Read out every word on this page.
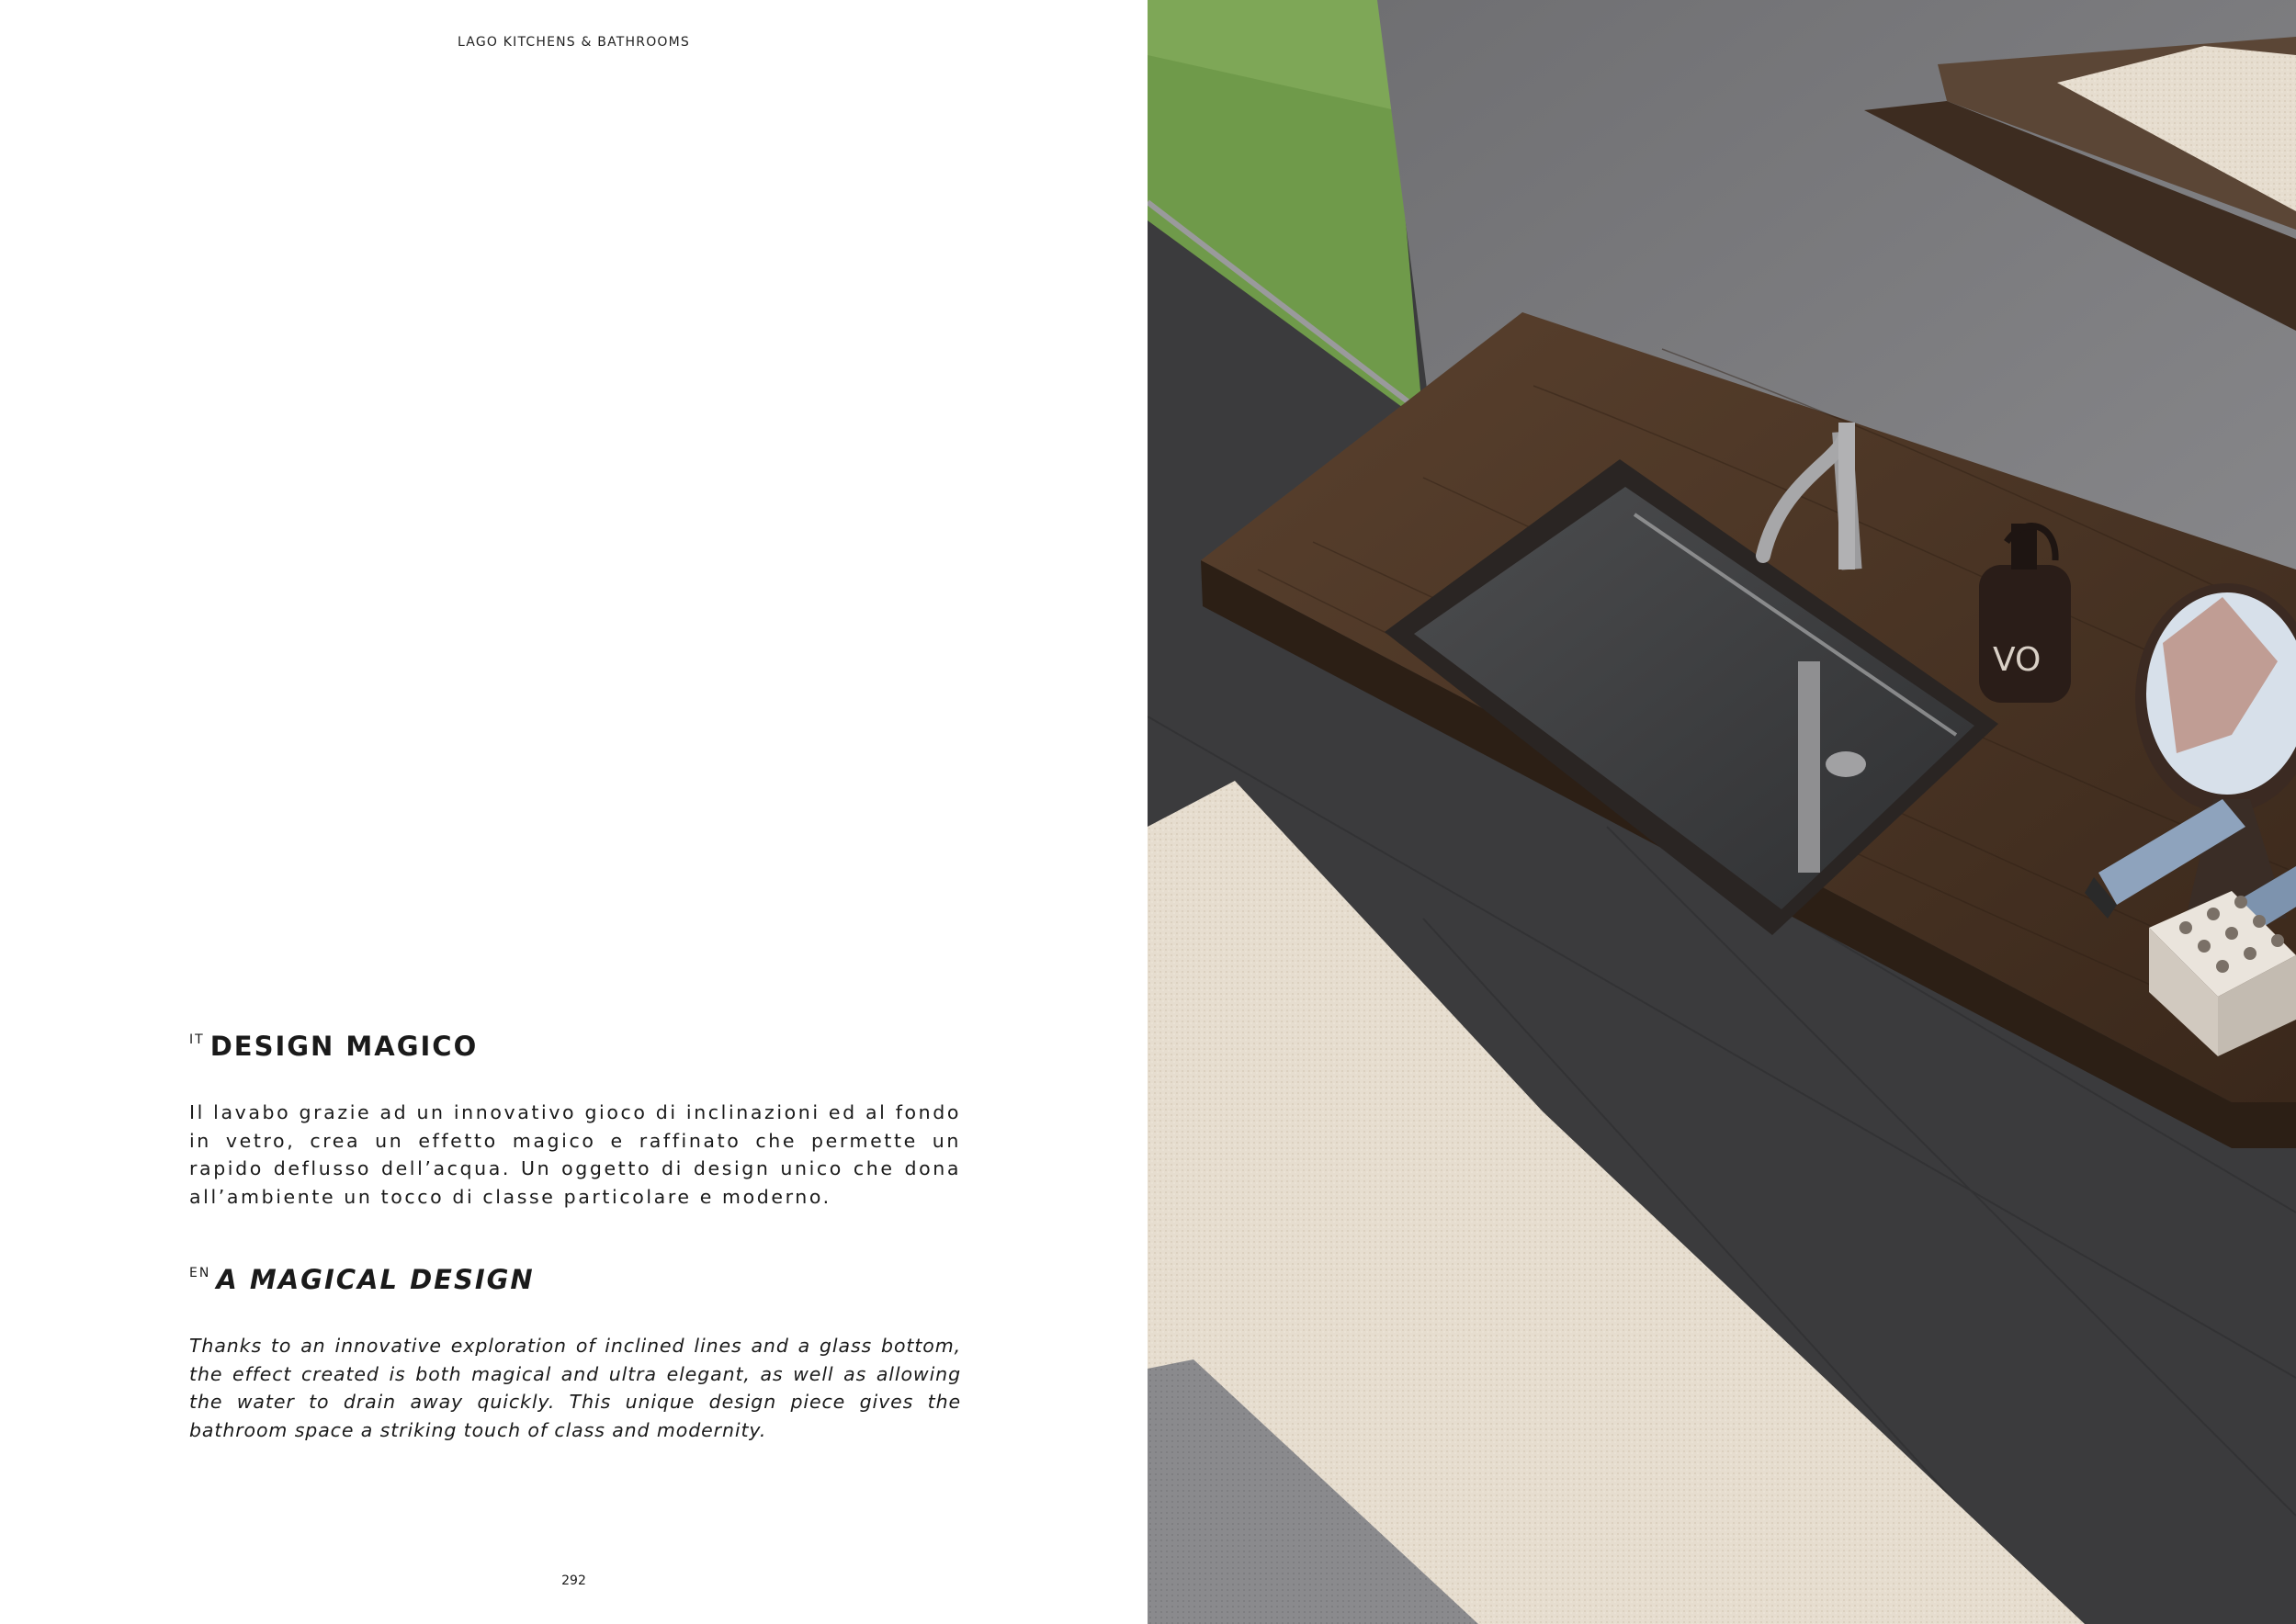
LAGO KITCHENS & BATHROOMS
$^{IT}$ DESIGN MAGICO

Il lavabo grazie ad un innovativo gioco di inclinazioni ed al fondo in vetro, crea un effetto magico e raffinato che permette un rapido deflusso dell’acqua. Un oggetto di design unico che dona all’ambiente un tocco di classe particolare e moderno.

$^{EN}$ A MAGICAL DESIGN

Thanks to an innovative exploration of inclined lines and a glass bottom, the effect created is both magical and ultra elegant, as well as allowing the water to drain away quickly. This unique design piece gives the bathroom space a striking touch of class and modernity.

292
VO
